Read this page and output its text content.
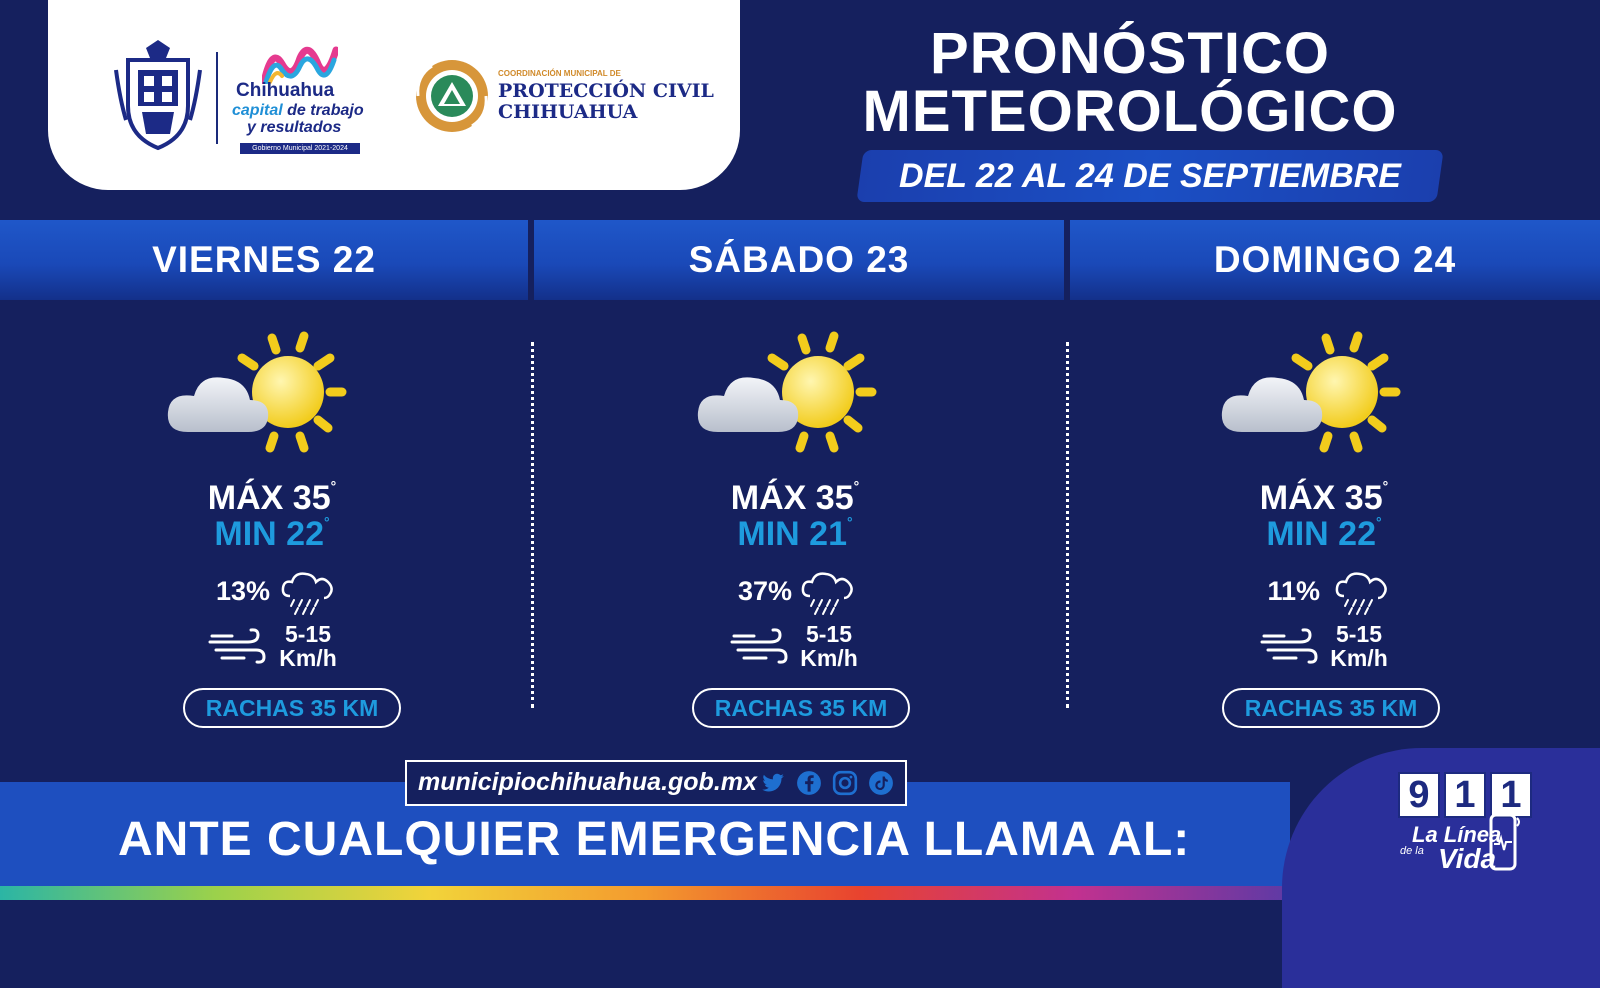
Chihuahua
capital de trabajo
y resultados
Gobierno Municipal 2021-2024
COORDINACIÓN MUNICIPAL DE
PROTECCIÓN CIVIL
CHIHUAHUA
PRONÓSTICO
METEOROLÓGICO
DEL 22 AL 24 DE SEPTIEMBRE
VIERNES 22	SÁBADO 23	DOMINGO 24
MÁX 35°
MIN 22°
13%
5-15
Km/h
RACHAS 35 KM
MÁX 35°
MIN 21°
37%
5-15
Km/h
RACHAS 35 KM
MÁX 35°
MIN 22°
11%
5-15
Km/h
RACHAS 35 KM
municipiochihuahua.gob.mx
ANTE CUALQUIER EMERGENCIA LLAMA AL:
9 1 1
La Línea
de la Vida
